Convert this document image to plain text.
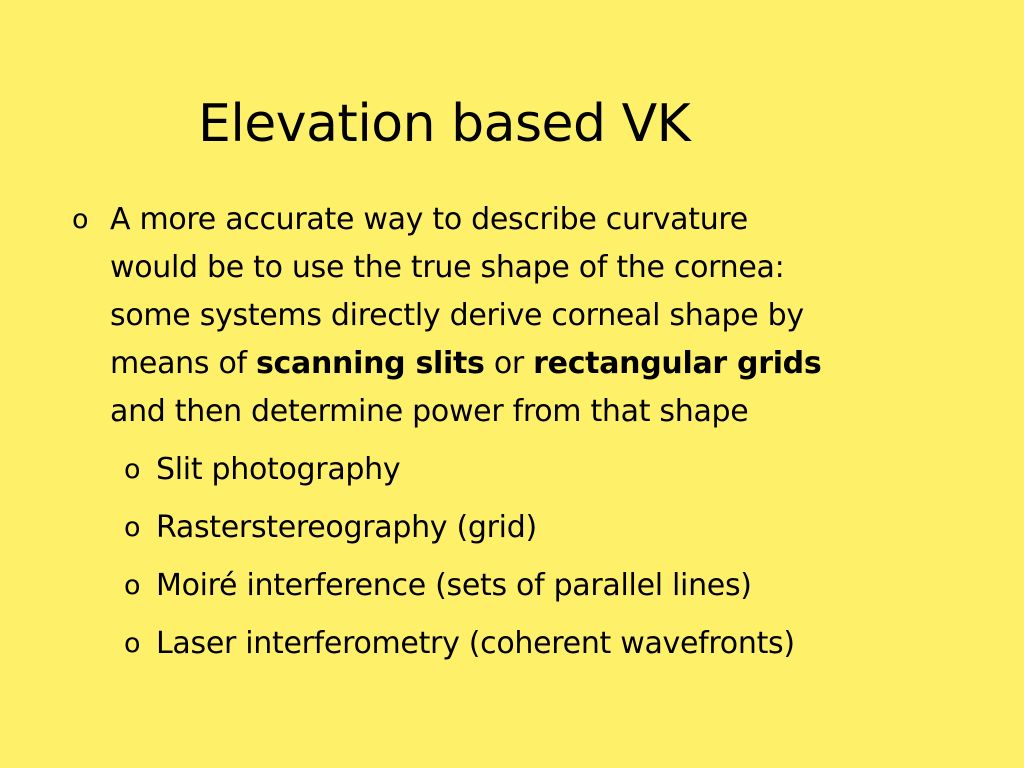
Elevation based VK
o A more accurate way to describe curvature
would be to use the true shape of the cornea:
some systems directly derive corneal shape by
means of scanning slits or rectangular grids
and then determine power from that shape
o Slit photography
o Rasterstereography (grid)
o Moiré interference (sets of parallel lines)
o Laser interferometry (coherent wavefronts)
